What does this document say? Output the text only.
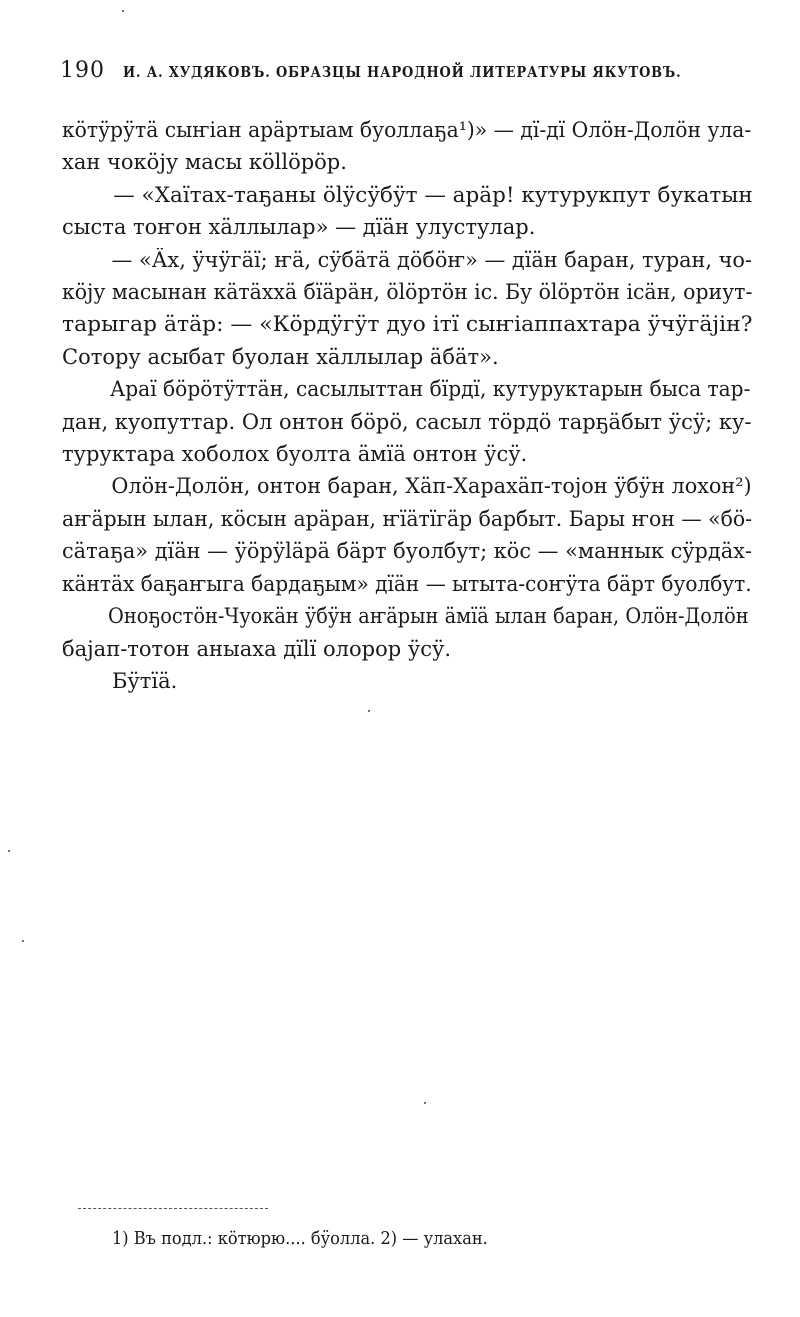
190 И. А. ХУДЯКОВЪ. ОБРАЗЦЫ НАРОДНОЙ ЛИТЕРАТУРЫ ЯКУТОВЪ.
кӧтӱрӱтӓ сыҥіан арӓртыам буоллаҕа¹)» — дї-дї Олӧн-Долӧн ула-
хан чокӧју масы кӧllӧрӧр.
— «Хаїтах-таҕаны ӧlӱсӱбӱт — арӓр! кутурукпут букатын
сыста тоҥон хӓллылар» — дїӓн улустулар.
— «Ӓх, ӱчӱгӓї; ҥӓ, сӱбӓтӓ дӧбӧҥ» — дїӓн баран, туран, чо-
кӧју масынан кӓтӓххӓ бїӓрӓн, ӧlӧртӧн іс. Бу ӧlӧртӧн ісӓн, ориут-
тарыгар ӓтӓр: — «Кӧрдӱгӱт дуо ітї сыҥіаппахтара ӱчӱгӓјін?
Сотору асыбат буолан хӓллылар ӓбӓт».
Араї бӧрӧтӱттӓн, сасылыттан бїрдї, кутуруктарын быса тар-
дан, куопуттар. Ол онтон бӧрӧ, сасыл тӧрдӧ тарҕӓбыт ӱсӱ; ку-
туруктара хоболох буолта ӓмїӓ онтон ӱсӱ.
Олӧн-Долӧн, онтон баран, Хӓп-Харахӓп-тојон ӱбӱн лохон²)
аҥӓрын ылан, кӧсын арӓран, ҥїӓтїгӓр барбыт. Бары ҥон — «бӧ-
сӓтаҕа» дїӓн — ӱӧрӱlӓрӓ бӓрт буолбут; кӧс — «маннык сӱрдӓх-
кӓнтӓх баҕаҥыга бардаҕым» дїӓн — ытыта-соҥӱта бӓрт буолбут.
Оноҕостӧн-Чуокӓн ӱбӱн аҥӓрын ӓмїӓ ылан баран, Олӧн-Долӧн
бајап-тотон аныаха дїlї олорор ӱсӱ.
Бӱтїӓ.
1) Въ подл.: кӧтюрю.... бӱолла. 2) — улахан.
